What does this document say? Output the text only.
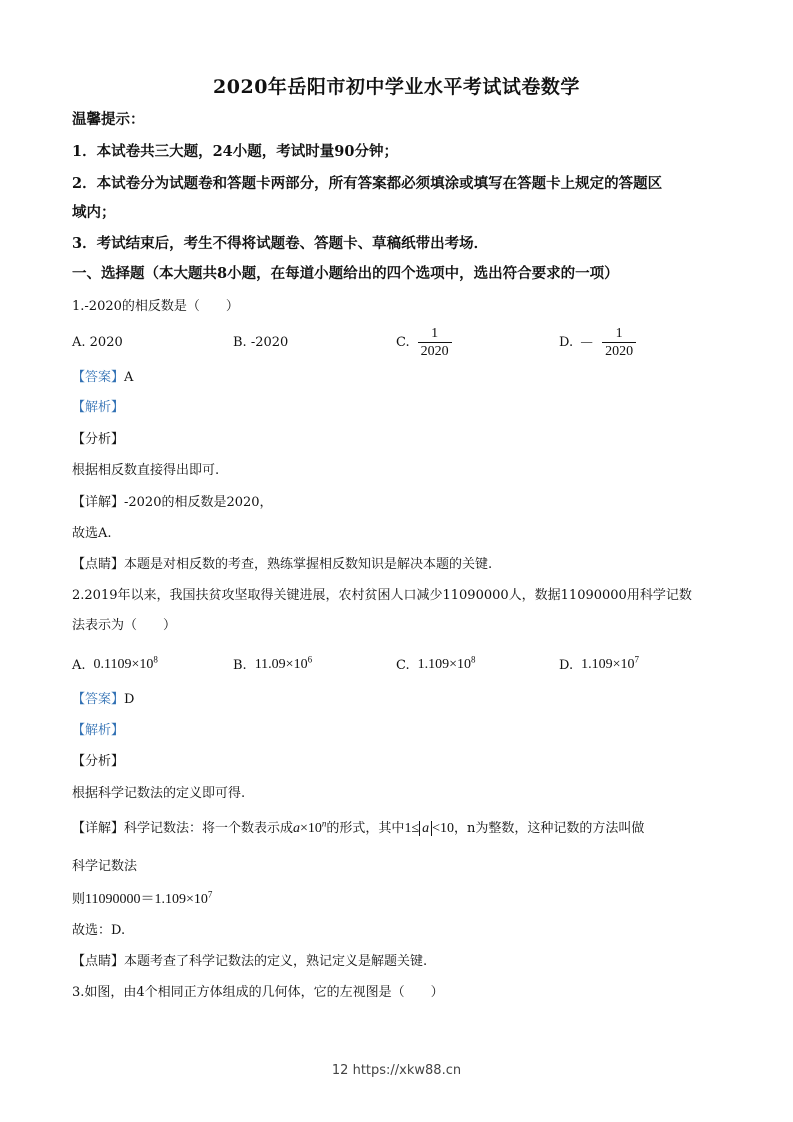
2020年岳阳市初中学业水平考试试卷数学
温馨提示：
1．本试卷共三大题，24小题，考试时量90分钟；
2．本试卷分为试题卷和答题卡两部分，所有答案都必须填涂或填写在答题卡上规定的答题区
域内；
3．考试结束后，考生不得将试题卷、答题卡、草稿纸带出考场．
一、选择题（本大题共8小题，在每道小题给出的四个选项中，选出符合要求的一项）
1.-2020的相反数是（　　）
A. 2020	B. -2020	C. $\frac{1}{2020}$	D. － $\frac{1}{2020}$
【答案】A
【解析】
【分析】
根据相反数直接得出即可.
【详解】-2020的相反数是2020，
故选A.
【点睛】本题是对相反数的考查，熟练掌握相反数知识是解决本题的关键.
2.2019年以来，我国扶贫攻坚取得关键进展，农村贫困人口减少11090000人，数据11090000用科学记数
法表示为（　　）
A. $0.1109\times 10^8$	B. $11.09\times 10^6$	C. $1.109\times 10^8$	D. $1.109\times 10^7$
【答案】D
【解析】
【分析】
根据科学记数法的定义即可得.
【详解】科学记数法：将一个数表示成$a\times 10^n$的形式，其中1≤ a <10，n为整数，这种记数的方法叫做
科学记数法
则$11090000=1.109\times 10^7$
故选：D.
【点睛】本题考查了科学记数法的定义，熟记定义是解题关键.
3.如图，由4个相同正方体组成的几何体，它的左视图是（　　）
12 https://xkw88.cn
